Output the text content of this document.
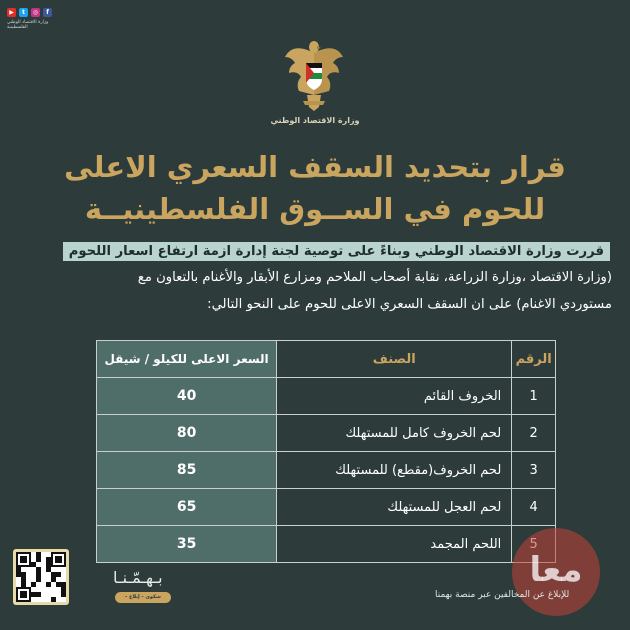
▶	t	◎	f
وزارة الاقتصاد الوطني الفلسطينية
وزارة الاقتصاد الوطني
قرار بتحديد السقف السعري الاعلى
للحوم في الســوق الفلسطينيــة
قررت وزارة الاقتصاد الوطني وبناءً على توصية لجنة إدارة ازمة ارتفاع اسعار اللحوم
(وزارة الاقتصاد ،وزارة الزراعة، نقابة أصحاب الملاحم ومزارع الأبقار والأغنام بالتعاون مع
مستوردي الاغنام) على ان السقف السعري الاعلى للحوم على النحو التالي:
الرقم	الصنف	السعر الاعلى للكيلو / شيقل
1	الخروف القائم	40
2	لحم الخروف كامل للمستهلك	80
3	لحم الخروف(مقطع) للمستهلك	85
4	لحم العجل للمستهلك	65
	اللحم المجمد	35
معا
بـهـمّـنـا
شكوى - إبلاغ - استفسار
للإبلاغ عن المخالفين عبر منصة بهمنا
